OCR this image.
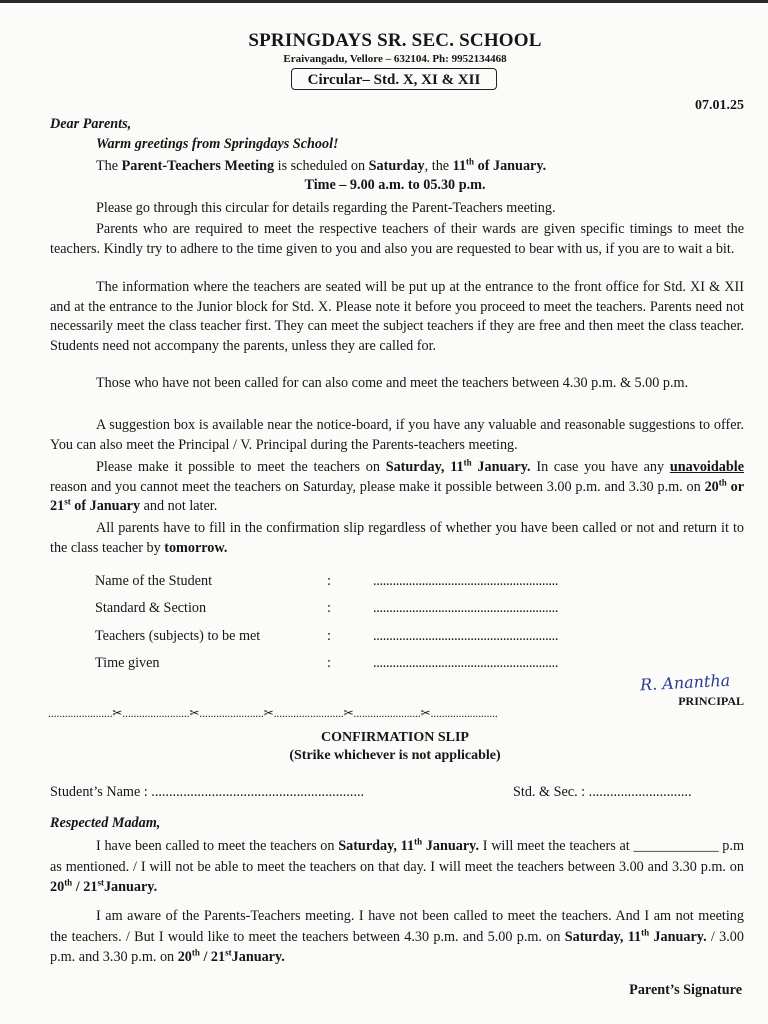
SPRINGDAYS SR. SEC. SCHOOL
Eraivangadu, Vellore – 632104. Ph: 9952134468
Circular– Std. X, XI & XII
07.01.25
Dear Parents,
Warm greetings from Springdays School!
The Parent-Teachers Meeting is scheduled on Saturday, the 11th of January.
Time – 9.00 a.m. to 05.30 p.m.

Please go through this circular for details regarding the Parent-Teachers meeting.

Parents who are required to meet the respective teachers of their wards are given specific timings to meet the teachers. Kindly try to adhere to the time given to you and also you are requested to bear with us, if you are to wait a bit.

The information where the teachers are seated will be put up at the entrance to the front office for Std. XI & XII and at the entrance to the Junior block for Std. X. Please note it before you proceed to meet the teachers. Parents need not necessarily meet the class teacher first. They can meet the subject teachers if they are free and then meet the class teacher. Students need not accompany the parents, unless they are called for.

Those who have not been called for can also come and meet the teachers between 4.30 p.m. & 5.00 p.m.

A suggestion box is available near the notice-board, if you have any valuable and reasonable suggestions to offer. You can also meet the Principal / V. Principal during the Parents-teachers meeting.

Please make it possible to meet the teachers on Saturday, 11th January. In case you have any unavoidable reason and you cannot meet the teachers on Saturday, please make it possible between 3.00 p.m. and 3.30 p.m. on 20th or 21st of January and not later.

All parents have to fill in the confirmation slip regardless of whether you have been called or not and return it to the class teacher by tomorrow.

Name of the Student	:	.........................................................
Standard & Section	:	.........................................................
Teachers (subjects) to be met	:	.........................................................
Time given	:	.........................................................
R. Anantha
PRINCIPAL
.......................✂........................✂.......................✂.........................✂........................✂........................
CONFIRMATION SLIP
(Strike whichever is not applicable)
Student’s Name : ............................................................	Std. & Sec. : .............................
Respected Madam,

I have been called to meet the teachers on Saturday, 11th January. I will meet the teachers at ____________ p.m as mentioned. / I will not be able to meet the teachers on that day. I will meet the teachers between 3.00 and 3.30 p.m. on 20th / 21stJanuary.

I am aware of the Parents-Teachers meeting. I have not been called to meet the teachers. And I am not meeting the teachers. / But I would like to meet the teachers between 4.30 p.m. and 5.00 p.m. on Saturday, 11th January. / 3.00 p.m. and 3.30 p.m. on 20th / 21stJanuary.

Parent’s Signature
